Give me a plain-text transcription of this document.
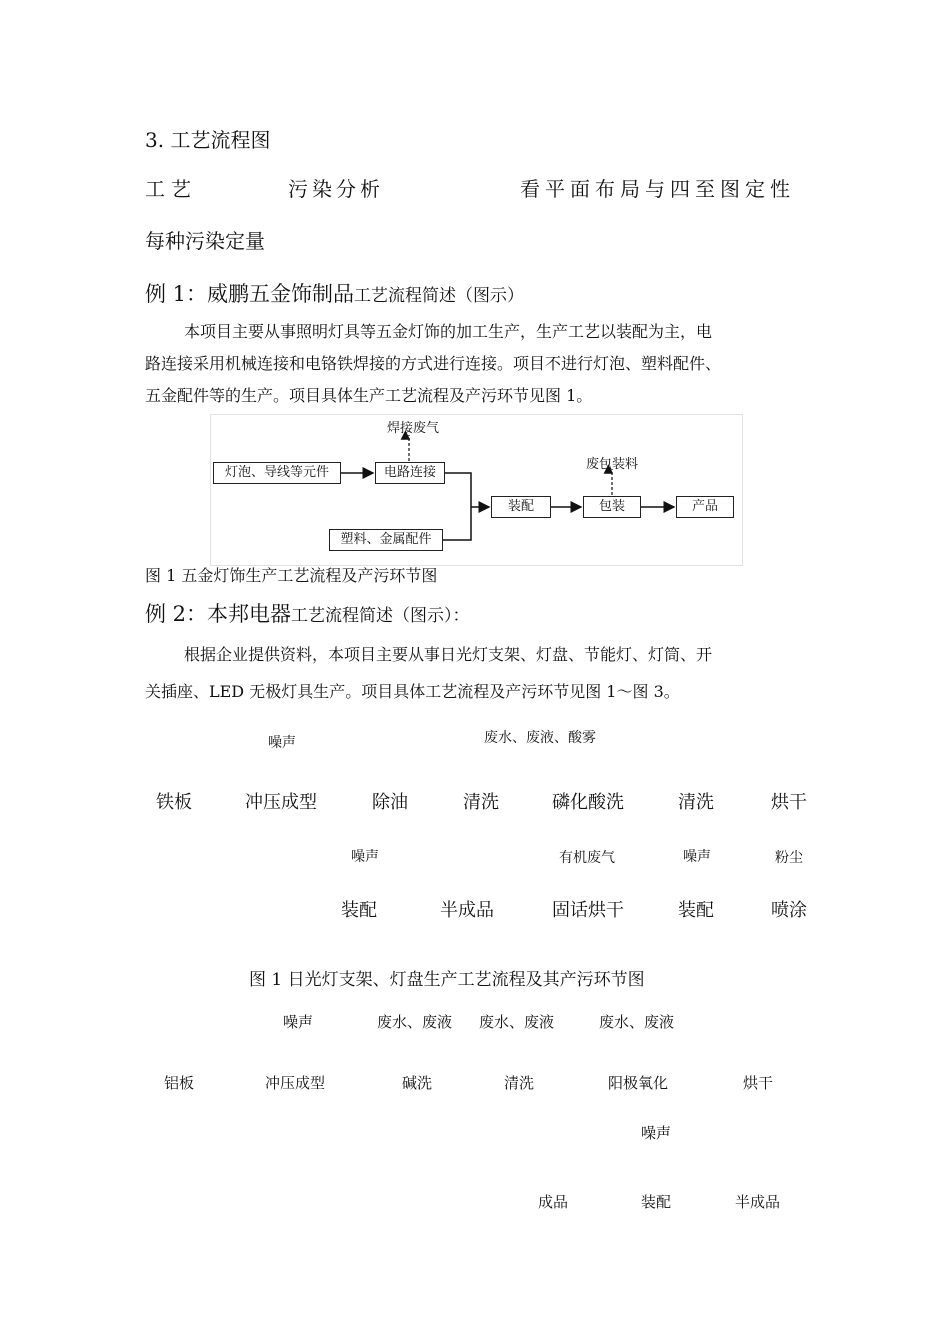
3. 工艺流程图
工艺	污染分析	看平面布局与四至图定性
每种污染定量
例 1：威鹏五金饰制品工艺流程简述（图示）
本项目主要从事照明灯具等五金灯饰的加工生产，生产工艺以装配为主，电
路连接采用机械连接和电铬铁焊接的方式进行连接。项目不进行灯泡、塑料配件、
五金配件等的生产。项目具体生产工艺流程及产污环节见图 1。
焊接废气
废包装料
灯泡、导线等元件	电路连接
装配	包装	产品
塑料、金属配件
图 1 五金灯饰生产工艺流程及产污环节图
例 2：本邦电器工艺流程简述（图示）：
根据企业提供资料，本项目主要从事日光灯支架、灯盘、节能灯、灯筒、开
关插座、LED 无极灯具生产。项目具体工艺流程及产污环节见图 1～图 3。
噪声	废水、废液、酸雾
铁板	冲压成型	除油	清洗	磷化酸洗	清洗	烘干
噪声	有机废气	噪声	粉尘
装配	半成品	固话烘干	装配	喷涂
图 1 日光灯支架、灯盘生产工艺流程及其产污环节图
噪声	废水、废液 废水、废液	废水、废液
铝板	冲压成型	碱洗	清洗	阳极氧化	烘干
噪声
成品	装配	半成品
